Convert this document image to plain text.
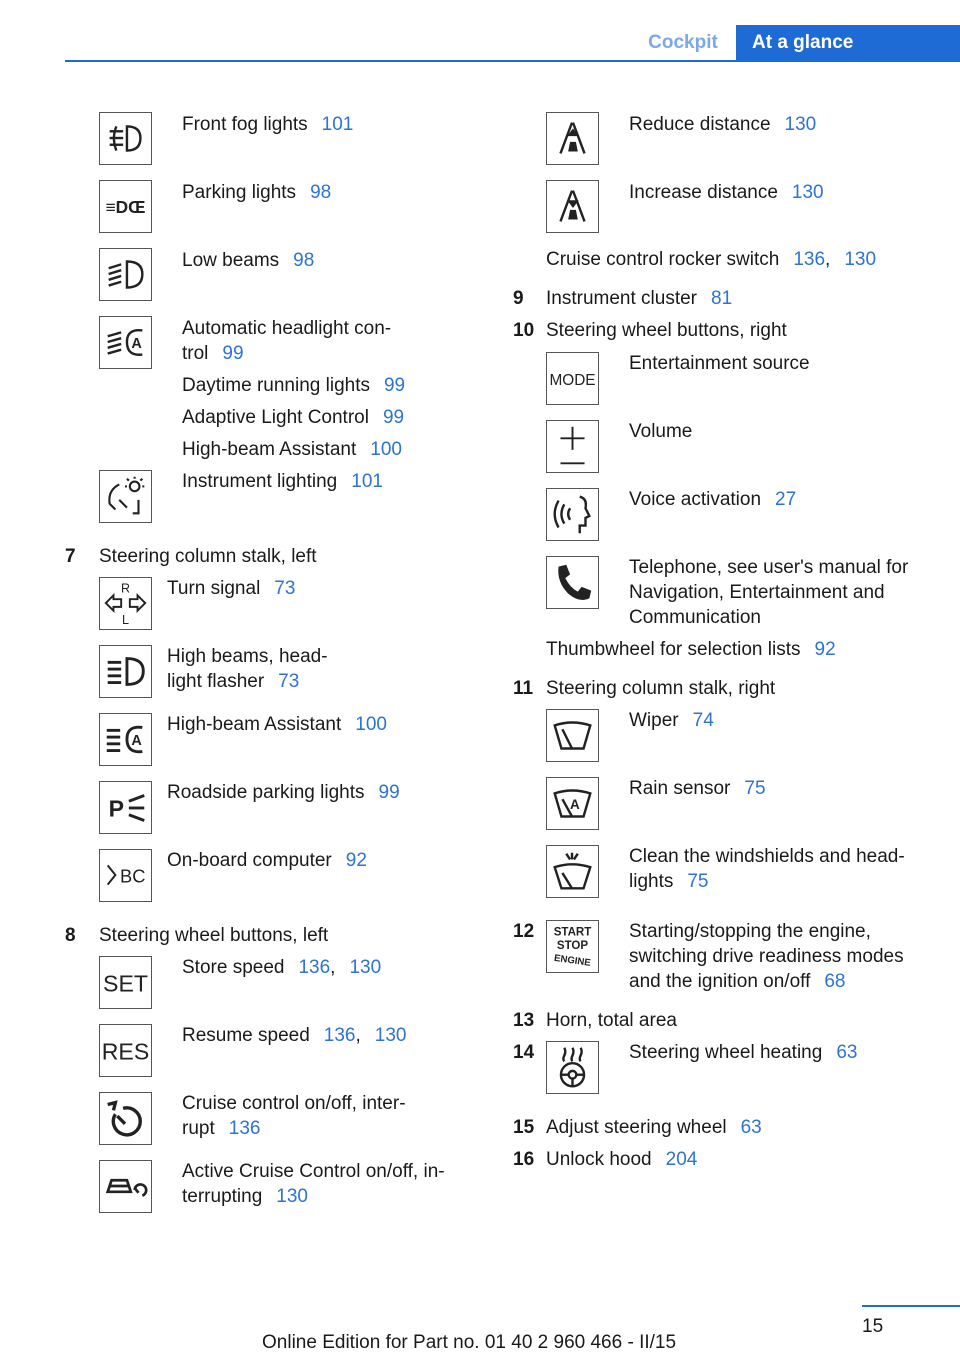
Cockpit	At a glance
Front fog lights 101
≡DŒ
Parking lights 98
Low beams 98
A
Automatic headlight con-
trol 99
Daytime running lights 99
Adaptive Light Control 99
High-beam Assistant 100
Instrument lighting 101
7 Steering column stalk, left
R
L
Turn signal 73
High beams, head-
light flasher 73
A
High-beam Assistant 100
P
Roadside parking lights 99
BC
On-board computer 92
8 Steering wheel buttons, left
SET
Store speed 136, 130
RES
Resume speed 136, 130
Cruise control on/off, inter-
rupt 136
Active Cruise Control on/off, in-
terrupting 130
Reduce distance 130
Increase distance 130
Cruise control rocker switch 136, 130
9 Instrument cluster 81
10 Steering wheel buttons, right
MODE
Entertainment source
Volume
Voice activation 27
Telephone, see user's manual for
Navigation, Entertainment and
Communication
Thumbwheel for selection lists 92
11 Steering column stalk, right
Wiper 74
A
Rain sensor 75
Clean the windshields and head-
lights 75
12 START
STOP
ENGINE
Starting/stopping the engine,
switching drive readiness modes
and the ignition on/off 68
13 Horn, total area
14	Steering wheel heating 63
15 Adjust steering wheel 63
16 Unlock hood 204
15
Online Edition for Part no. 01 40 2 960 466 - II/15
